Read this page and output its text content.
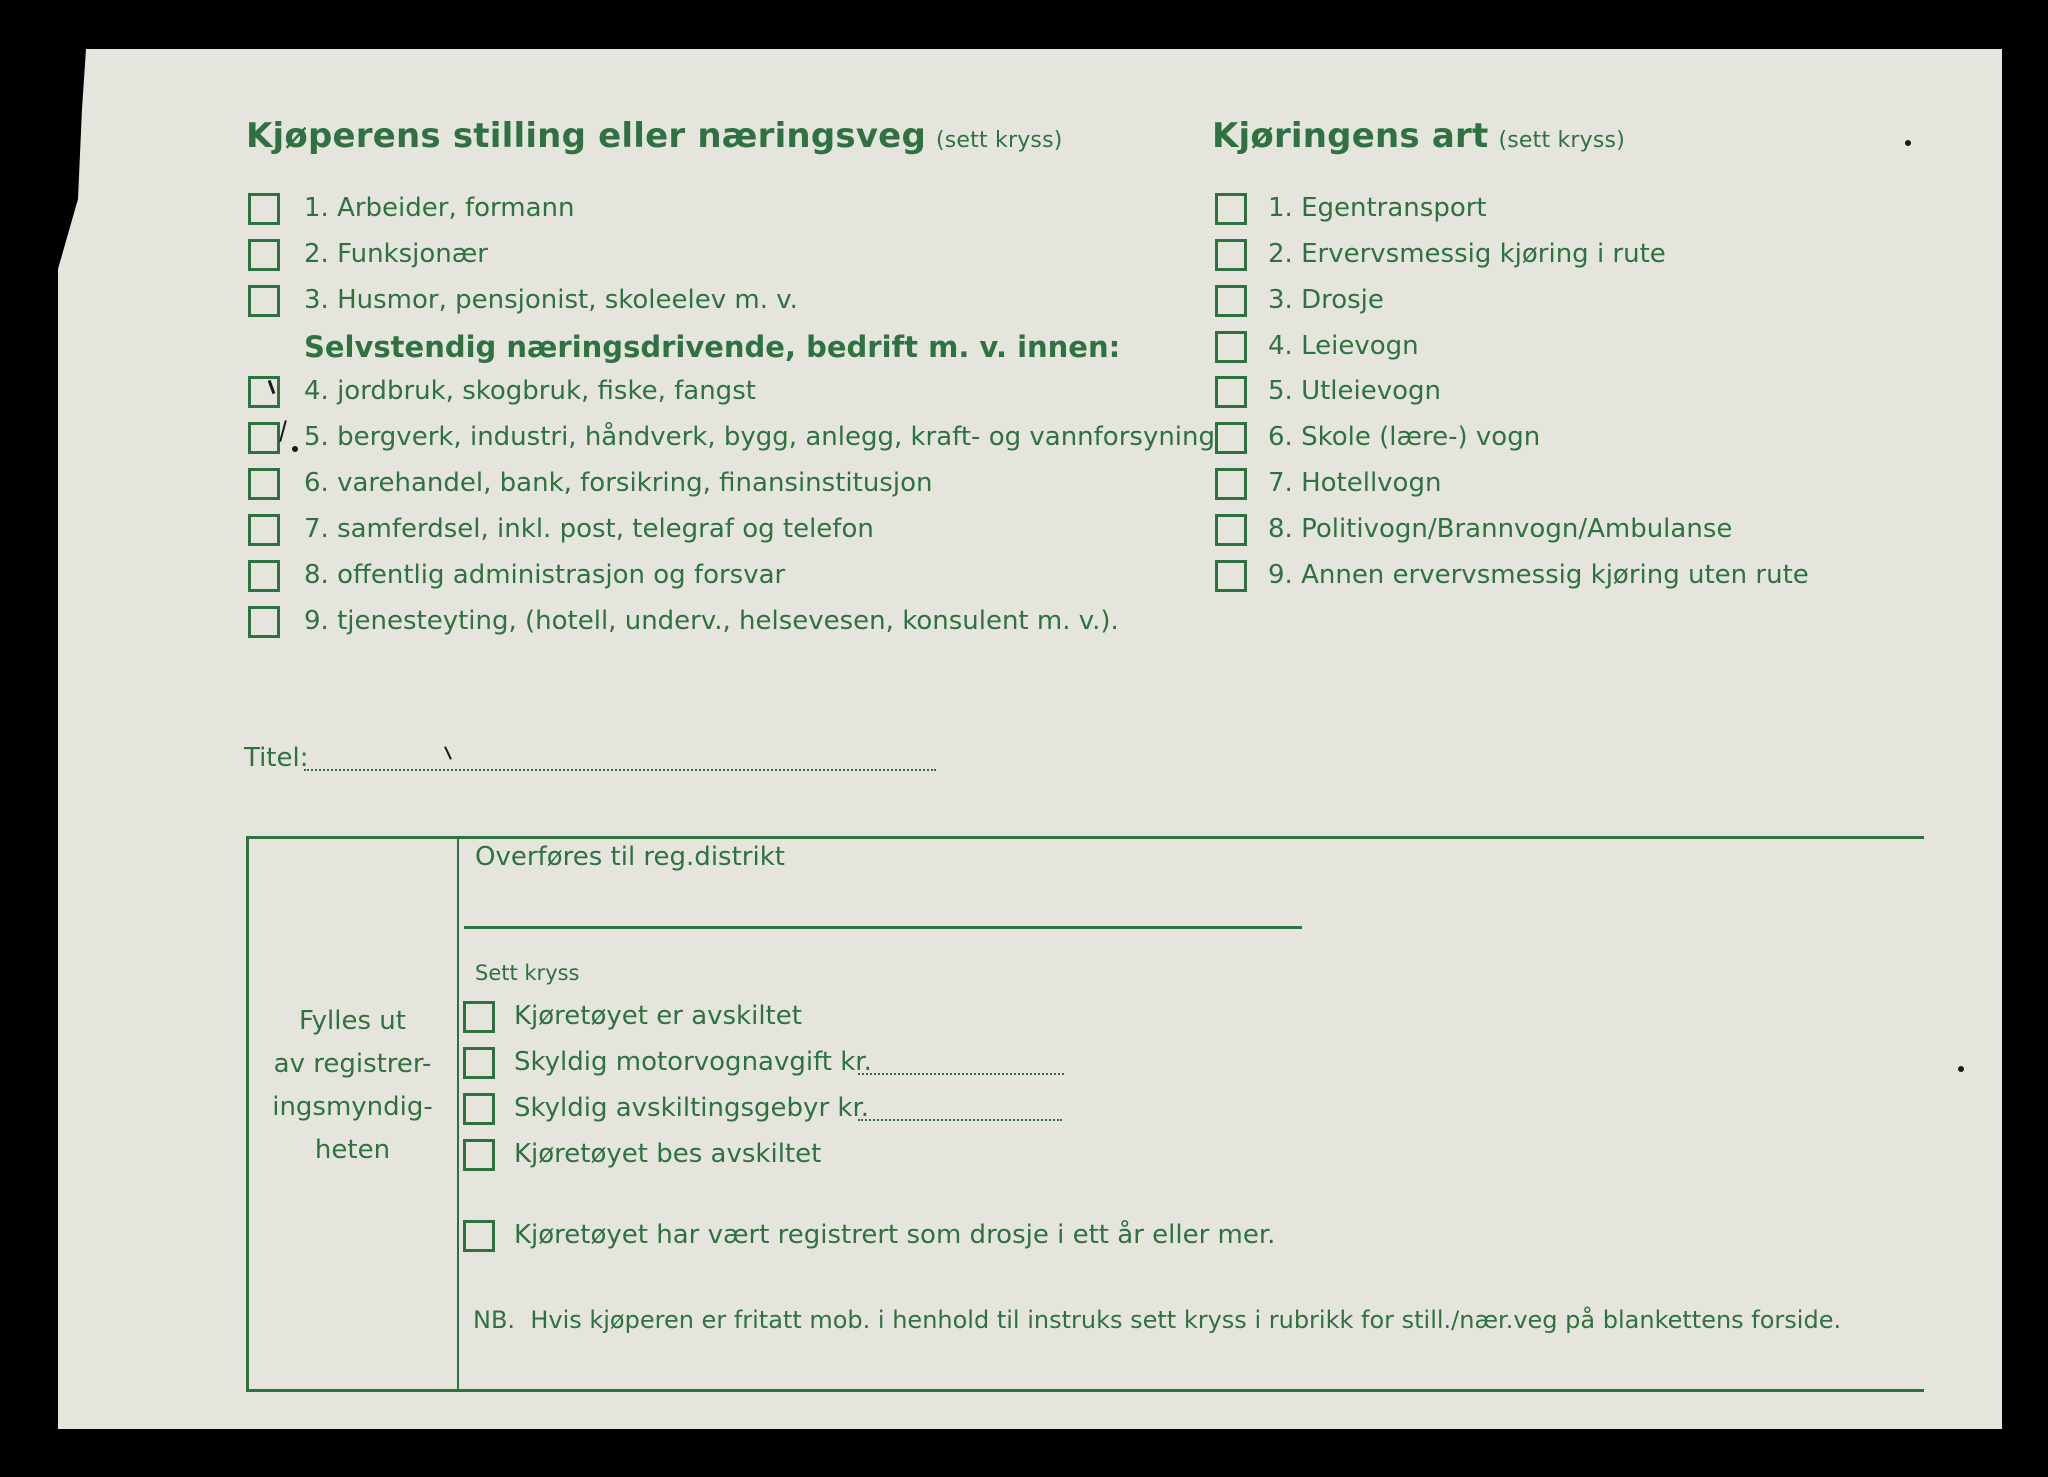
Kjøperens stilling eller næringsveg (sett kryss)
1. Arbeider, formann
2. Funksjonær
3. Husmor, pensjonist, skoleelev m. v.
Selvstendig næringsdrivende, bedrift m. v. innen:
4. jordbruk, skogbruk, fiske, fangst
5. bergverk, industri, håndverk, bygg, anlegg, kraft- og vannforsyning
6. varehandel, bank, forsikring, finansinstitusjon
7. samferdsel, inkl. post, telegraf og telefon
8. offentlig administrasjon og forsvar
9. tjenesteyting, (hotell, underv., helsevesen, konsulent m. v.).
Kjøringens art (sett kryss)
1. Egentransport
2. Ervervsmessig kjøring i rute
3. Drosje
4. Leievogn
5. Utleievogn
6. Skole (lære-) vogn
7. Hotellvogn
8. Politivogn/Brannvogn/Ambulanse
9. Annen ervervsmessig kjøring uten rute
Titel:
Fylles ut
av registrer-
ingsmyndig-
heten
Overføres til reg.distrikt
Sett kryss
Kjøretøyet er avskiltet
Skyldig motorvognavgift kr.
Skyldig avskiltingsgebyr kr.
Kjøretøyet bes avskiltet
Kjøretøyet har vært registrert som drosje i ett år eller mer.
NB. Hvis kjøperen er fritatt mob. i henhold til instruks sett kryss i rubrikk for still./nær.veg på blankettens forside.
